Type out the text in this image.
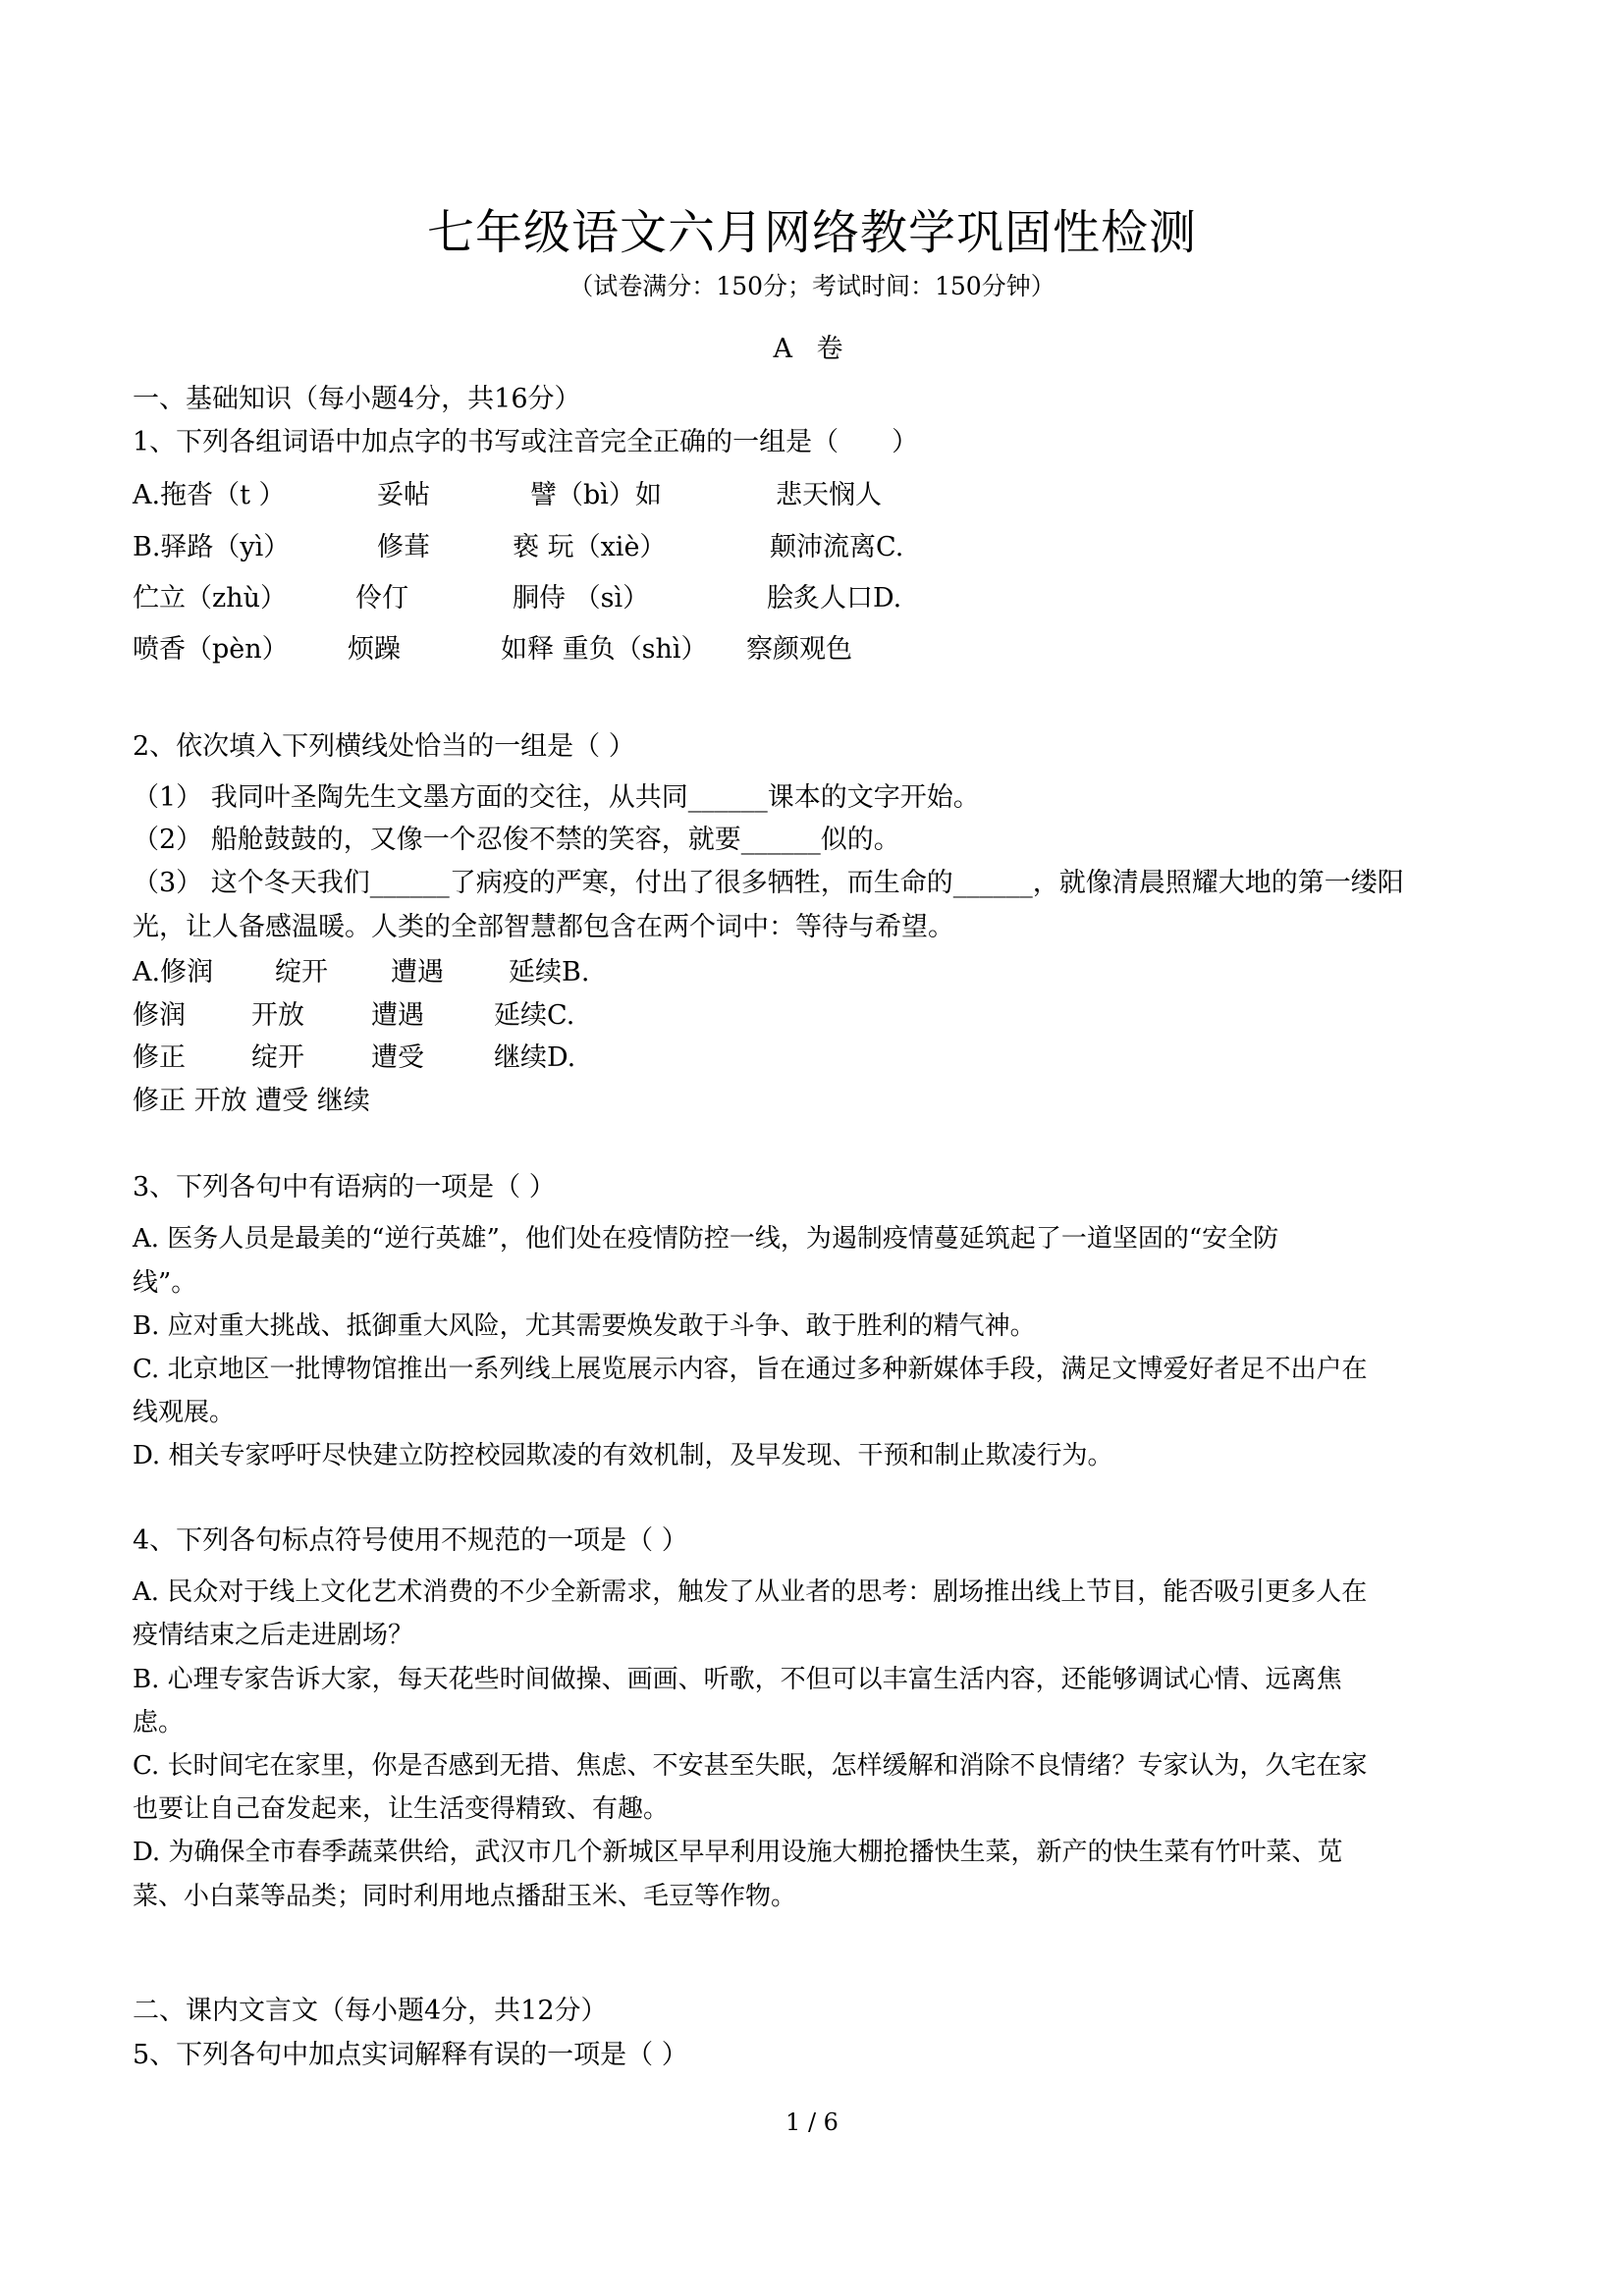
七年级语文六月网络教学巩固性检测
（试卷满分：150分；考试时间：150分钟）
A 卷
一、基础知识（每小题4分，共16分）
1、下列各组词语中加点字的书写或注音完全正确的一组是（　　）
A.拖沓（t ）	妥帖	譬（bì）如	悲天悯人
B.驿路（yì）	修葺	亵 玩（xiè）	颠沛流离C.
伫立（zhù）	伶仃	胴侍 （sì）	脍炙人口D.
喷香（pèn） 烦躁	如释 重负（shì） 察颜观色
2、依次填入下列横线处恰当的一组是（ ）
（1） 我同叶圣陶先生文墨方面的交往，从共同______课本的文字开始。
（2） 船舱鼓鼓的，又像一个忍俊不禁的笑容，就要______似的。
（3） 这个冬天我们______了病疫的严寒，付出了很多牺牲，而生命的______，就像清晨照耀大地的第一缕阳
光，让人备感温暖。人类的全部智慧都包含在两个词中：等待与希望。
A.修润 绽开 遭遇 延续B.
修润 开放	遭遇	延续C.
修正 绽开	遭受	继续D.
修正 开放 遭受 继续
3、下列各句中有语病的一项是（ ）
A. 医务人员是最美的“逆行英雄”，他们处在疫情防控一线，为遏制疫情蔓延筑起了一道坚固的“安全防
线”。
B. 应对重大挑战、抵御重大风险，尤其需要焕发敢于斗争、敢于胜利的精气神。
C. 北京地区一批博物馆推出一系列线上展览展示内容，旨在通过多种新媒体手段，满足文博爱好者足不出户在
线观展。
D. 相关专家呼吁尽快建立防控校园欺凌的有效机制，及早发现、干预和制止欺凌行为。
4、下列各句标点符号使用不规范的一项是（ ）
A. 民众对于线上文化艺术消费的不少全新需求，触发了从业者的思考：剧场推出线上节目，能否吸引更多人在
疫情结束之后走进剧场？
B. 心理专家告诉大家，每天花些时间做操、画画、听歌，不但可以丰富生活内容，还能够调试心情、远离焦
虑。
C. 长时间宅在家里，你是否感到无措、焦虑、不安甚至失眠，怎样缓解和消除不良情绪？专家认为，久宅在家
也要让自己奋发起来，让生活变得精致、有趣。
D. 为确保全市春季蔬菜供给，武汉市几个新城区早早利用设施大棚抢播快生菜，新产的快生菜有竹叶菜、苋
菜、小白菜等品类；同时利用地点播甜玉米、毛豆等作物。
二、课内文言文（每小题4分，共12分）
5、下列各句中加点实词解释有误的一项是（ ）
1 / 6
